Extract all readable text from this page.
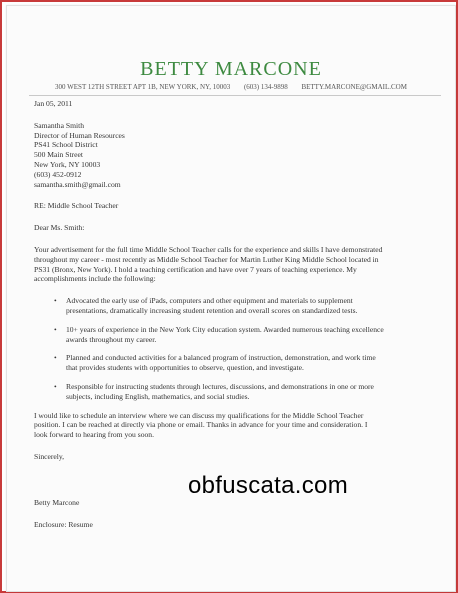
BETTY MARCONE
300 WEST 12TH STREET APT 1B, NEW YORK, NY, 10003 (603) 134-9898 BETTY.MARCONE@GMAIL.COM

Jan 05, 2011

Samantha Smith

Director of Human Resources

PS41 School District

500 Main Street

New York, NY 10003

(603) 452-0912

samantha.smith@gmail.com

RE: Middle School Teacher

Dear Ms. Smith:

Your advertisement for the full time Middle School Teacher calls for the experience and skills I have demonstrated

throughout my career - most recently as Middle School Teacher for Martin Luther King Middle School located in

PS31 (Bronx, New York). I hold a teaching certification and have over 7 years of teaching experience. My

accomplishments include the following:

• Advocated the early use of iPads, computers and other equipment and materials to supplement

presentations, dramatically increasing student retention and overall scores on standardized tests.

• 10+ years of experience in the New York City education system. Awarded numerous teaching excellence

awards throughout my career.

• Planned and conducted activities for a balanced program of instruction, demonstration, and work time

that provides students with opportunities to observe, question, and investigate.

• Responsible for instructing students through lectures, discussions, and demonstrations in one or more

subjects, including English, mathematics, and social studies.

I would like to schedule an interview where we can discuss my qualifications for the Middle School Teacher

position. I can be reached at directly via phone or email. Thanks in advance for your time and consideration. I

look forward to hearing from you soon.

Sincerely,

Betty Marcone

Enclosure: Resume

obfuscata.com
